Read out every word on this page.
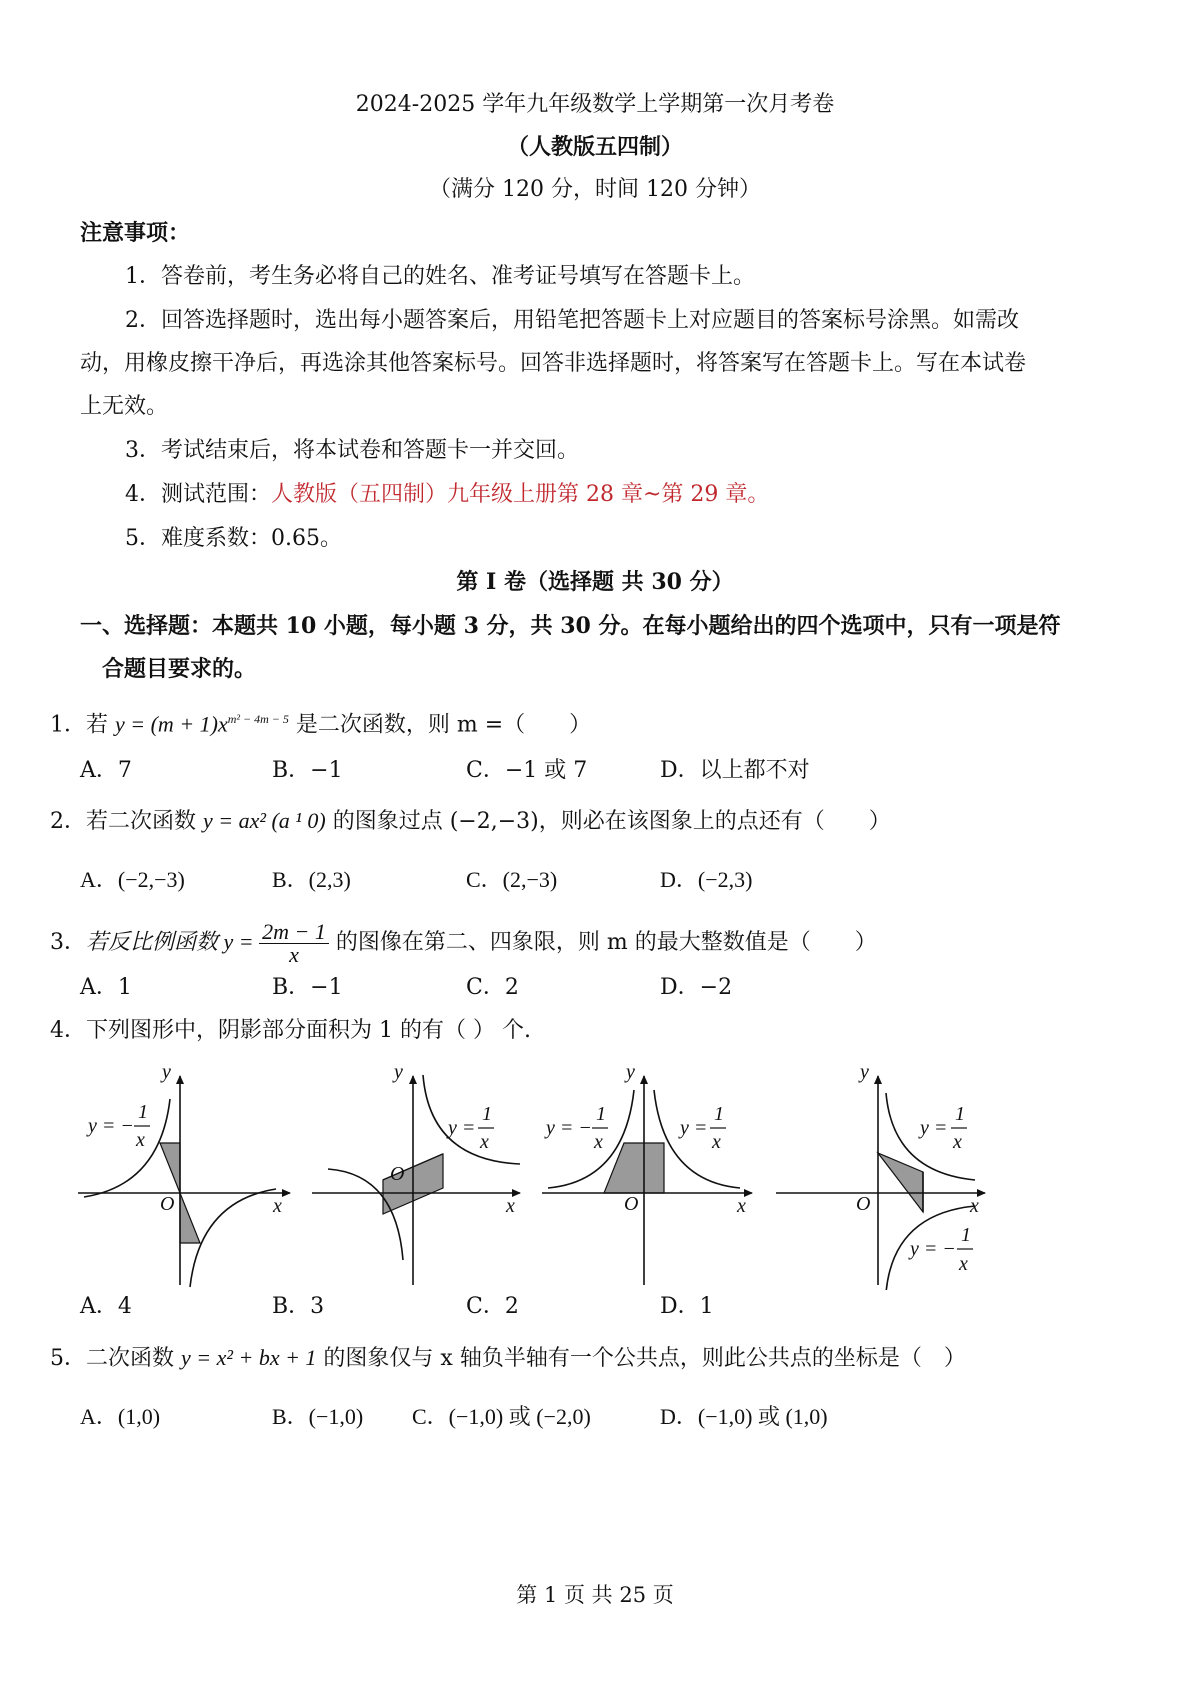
2024-2025 学年九年级数学上学期第一次月考卷
（人教版五四制）
（满分 120 分，时间 120 分钟）
注意事项：
1．答卷前，考生务必将自己的姓名、准考证号填写在答题卡上。
2．回答选择题时，选出每小题答案后，用铅笔把答题卡上对应题目的答案标号涂黑。如需改
动，用橡皮擦干净后，再选涂其他答案标号。回答非选择题时，将答案写在答题卡上。写在本试卷
上无效。
3．考试结束后，将本试卷和答题卡一并交回。
4．测试范围：人教版（五四制）九年级上册第 28 章~第 29 章。
5．难度系数：0.65。
第 I 卷（选择题 共 30 分）
一、选择题：本题共 10 小题，每小题 3 分，共 30 分。在每小题给出的四个选项中，只有一项是符
合题目要求的。
1．若 $y = (m + 1)x^{m^2 - 4m - 5}$ 是二次函数，则 m =（　　）
A．7	B．−1	C．−1 或 7	D．以上都不对
2．若二次函数 y = ax² (a ¹ 0) 的图象过点 (−2,−3)，则必在该图象上的点还有（　　）
A．(−2,−3)	B．(2,3)	C．(2,−3)	D．(−2,3)
3．若反比例函数 $y = \frac{2m - 1}{x}$ 的图像在第二、四象限，则 m 的最大整数值是（　　）
A．1	B．−1	C．2	D．−2
4．下列图形中，阴影部分面积为 1 的有（ ） 个.
y
x
O
y = −
1
x
y
x
O
y =
1
x
y
x
O
y = −
1
x
y =
1
x
y
x
O
y =
1
x
y = −
1
x
A．4	B．3	C．2	D．1
5．二次函数 y = x² + bx + 1 的图象仅与 x 轴负半轴有一个公共点，则此公共点的坐标是（　）
A．(1,0)	B．(−1,0) C．(−1,0) 或 (−2,0)	D．(−1,0) 或 (1,0)
第 1 页 共 25 页
